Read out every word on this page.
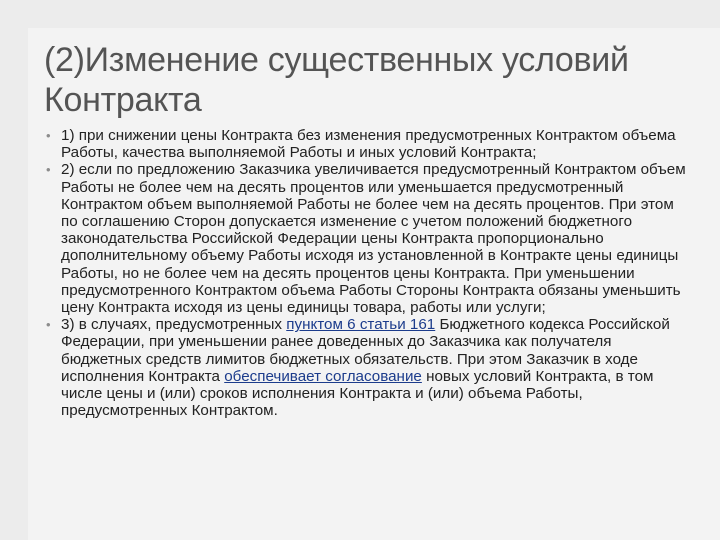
(2)Изменение существенных условий
Контракта

• 1) при снижении цены Контракта без изменения предусмотренных Контрактом объема Работы, качества выполняемой Работы и иных условий Контракта;

• 2) если по предложению Заказчика увеличивается предусмотренный Контрактом объем Работы не более чем на десять процентов или уменьшается предусмотренный Контрактом объем выполняемой Работы не более чем на десять процентов. При этом по соглашению Сторон допускается изменение с учетом положений бюджетного законодательства Российской Федерации цены Контракта пропорционально дополнительному объему Работы исходя из установленной в Контракте цены единицы Работы, но не более чем на десять процентов цены Контракта. При уменьшении предусмотренного Контрактом объема Работы Стороны Контракта обязаны уменьшить цену Контракта исходя из цены единицы товара, работы или услуги;

• 3) в случаях, предусмотренных пунктом 6 статьи 161 Бюджетного кодекса Российской Федерации, при уменьшении ранее доведенных до Заказчика как получателя бюджетных средств лимитов бюджетных обязательств. При этом Заказчик в ходе исполнения Контракта обеспечивает согласование новых условий Контракта, в том числе цены и (или) сроков исполнения Контракта и (или) объема Работы, предусмотренных Контрактом.
